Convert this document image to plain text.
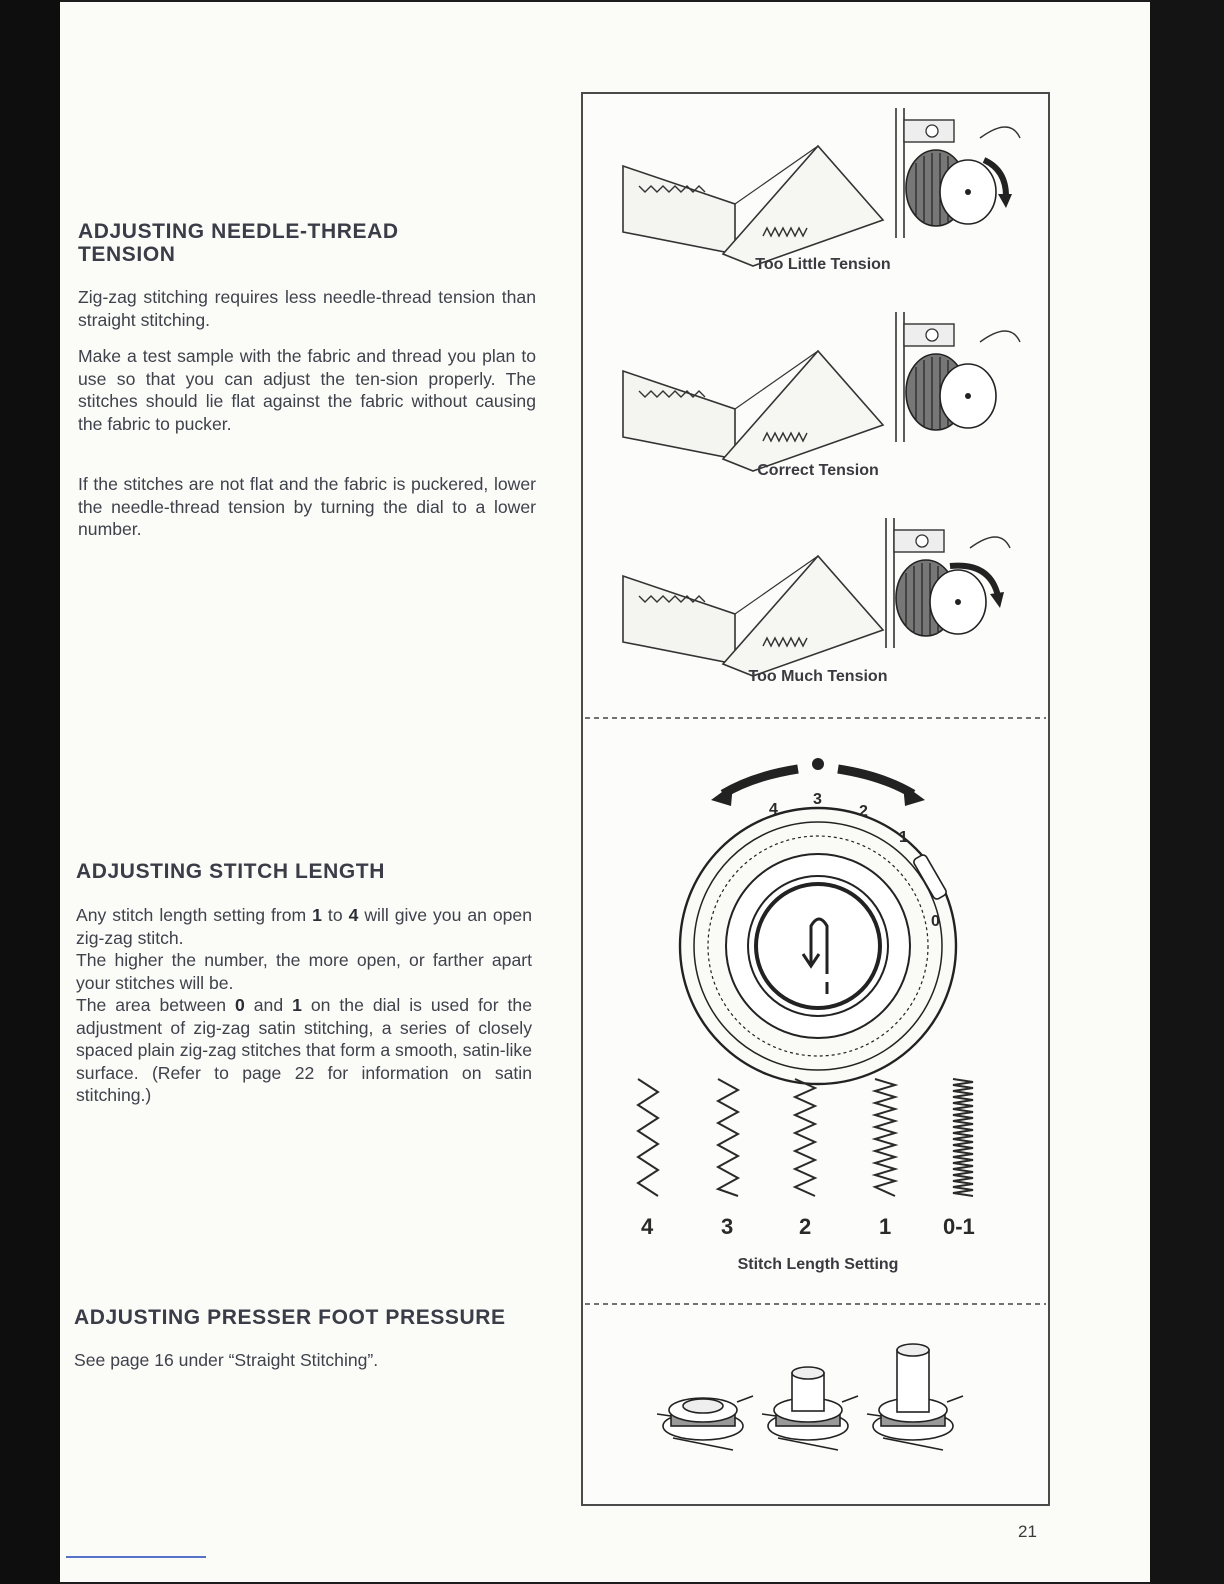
ADJUSTING NEEDLE-THREAD
TENSION

Zig-zag stitching requires less needle-thread tension than straight stitching.

Make a test sample with the fabric and thread you plan to use so that you can adjust the ten-sion properly. The stitches should lie flat against the fabric without causing the fabric to pucker.

If the stitches are not flat and the fabric is puckered, lower the needle-thread tension by turning the dial to a lower number.

ADJUSTING STITCH LENGTH

Any stitch length setting from 1 to 4 will give you an open zig-zag stitch.

The higher the number, the more open, or farther apart your stitches will be.

The area between 0 and 1 on the dial is used for the adjustment of zig-zag satin stitching, a series of closely spaced plain zig-zag stitches that form a smooth, satin-like surface. (Refer to page 22 for information on satin stitching.)

ADJUSTING PRESSER FOOT PRESSURE

See page 16 under “Straight Stitching”.

4
3
2
1
0
4	3	2	1 0-1
Too Little Tension
Correct Tension
Too Much Tension
Stitch Length Setting
21
